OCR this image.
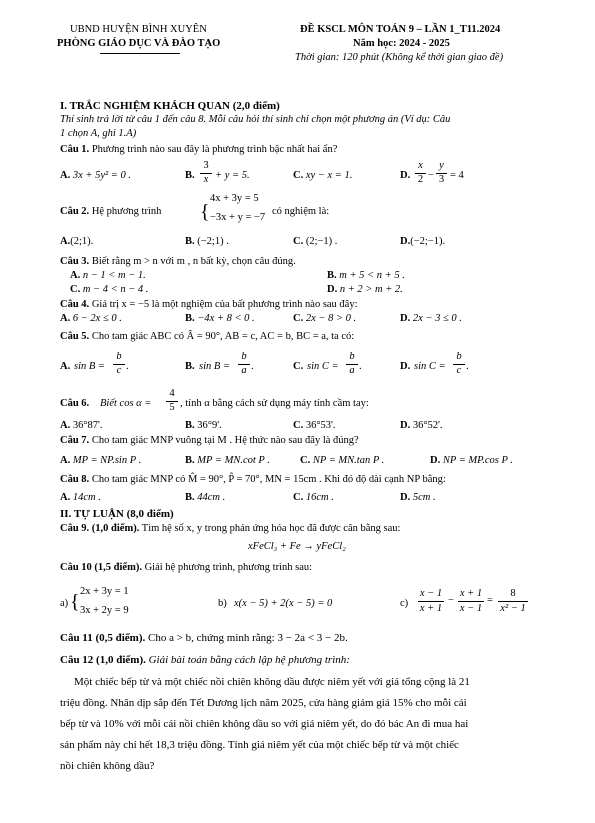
UBND HUYỆN BÌNH XUYÊN
PHÒNG GIÁO DỤC VÀ ĐÀO TẠO
ĐỀ KSCL MÔN TOÁN 9 – LẦN 1_T11.2024
Năm học: 2024 - 2025
Thời gian: 120 phút (Không kể thời gian giao đề)
I. TRẮC NGHIỆM KHÁCH QUAN (2,0 điểm)
Thí sinh trả lời từ câu 1 đến câu 8. Mỗi câu hỏi thí sinh chỉ chọn một phương án (Ví dụ: Câu
1 chọn A, ghi 1.A)
Câu 1. Phương trình nào sau đây là phương trình bậc nhất hai ẩn?
A. 3x + 5y² = 0 .	B.
3
x + y = 5.	C. xy − x = 1.	D.
x
2 −
y
3 = 4
Câu 2. Hệ phương trình {
4x + 3y = 5
−3x + y = −7
có nghiệm là:
A.(2;1).	B. (−2;1) .	C. (2;−1) .	D.(−2;−1).
Câu 3. Biết rằng m > n với m , n bất kỳ, chọn câu đúng.
A. n − 1 < m − 1.	B. m + 5 < n + 5 .
C. m − 4 < n − 4 .	D. n + 2 > m + 2.
Câu 4. Giá trị x = −5 là một nghiệm của bất phương trình nào sau đây:
A. 6 − 2x ≤ 0 .	B. −4x + 8 < 0 .	C. 2x − 8 > 0 .	D. 2x − 3 ≤ 0 .
Câu 5. Cho tam giác ABC có Â = 90°, AB = c, AC = b, BC = a, ta có:
A. sin B =
b
c .	B. sin B =
b
a .	C. sin C =
b
a .	D. sin C =
b
c .
Câu 6. Biết cos α =
4
5 , tính α bằng cách sử dụng máy tính cầm tay:
A. 36°87'.	B. 36°9'.	C. 36°53'.	D. 36°52'.
Câu 7. Cho tam giác MNP vuông tại M . Hệ thức nào sau đây là đúng?
A. MP = NP.sin P .	B. MP = MN.cot P .	C. NP = MN.tan P .	D. NP = MP.cos P .
Câu 8. Cho tam giác MNP có M̂ = 90°, P̂ = 70°, MN = 15cm . Khi đó độ dài cạnh NP bằng:
A. 14cm .	B. 44cm .	C. 16cm .	D. 5cm .
II. TỰ LUẬN (8,0 điểm)
Câu 9. (1,0 điểm). Tìm hệ số x, y trong phản ứng hóa học đã được cân bằng sau:
xFeCl₃ + Fe → yFeCl₂
Câu 10 (1,5 điểm). Giải hệ phương trình, phương trình sau:
a) { 2x + 3y = 1
3x + 2y = 9
b) x(x − 5) + 2(x − 5) = 0	c)
x − 1
x + 1
−
x + 1
x − 1
=
8
x² − 1
Câu 11 (0,5 điểm). Cho a > b, chứng minh rằng: 3 − 2a < 3 − 2b.
Câu 12 (1,0 điểm). Giải bài toán bằng cách lập hệ phương trình:
Một chiếc bếp từ và một chiếc nồi chiên không dầu được niêm yết với giá tổng cộng là 21
triệu đồng. Nhân dịp sắp đến Tết Dương lịch năm 2025, cửa hàng giảm giá 15% cho mỗi cái
bếp từ và 10% với mỗi cái nồi chiên không dầu so với giá niêm yết, do đó bác An đi mua hai
sản phẩm này chỉ hết 18,3 triệu đồng. Tính giá niêm yết của một chiếc bếp từ và một chiếc
nồi chiên không dầu?
